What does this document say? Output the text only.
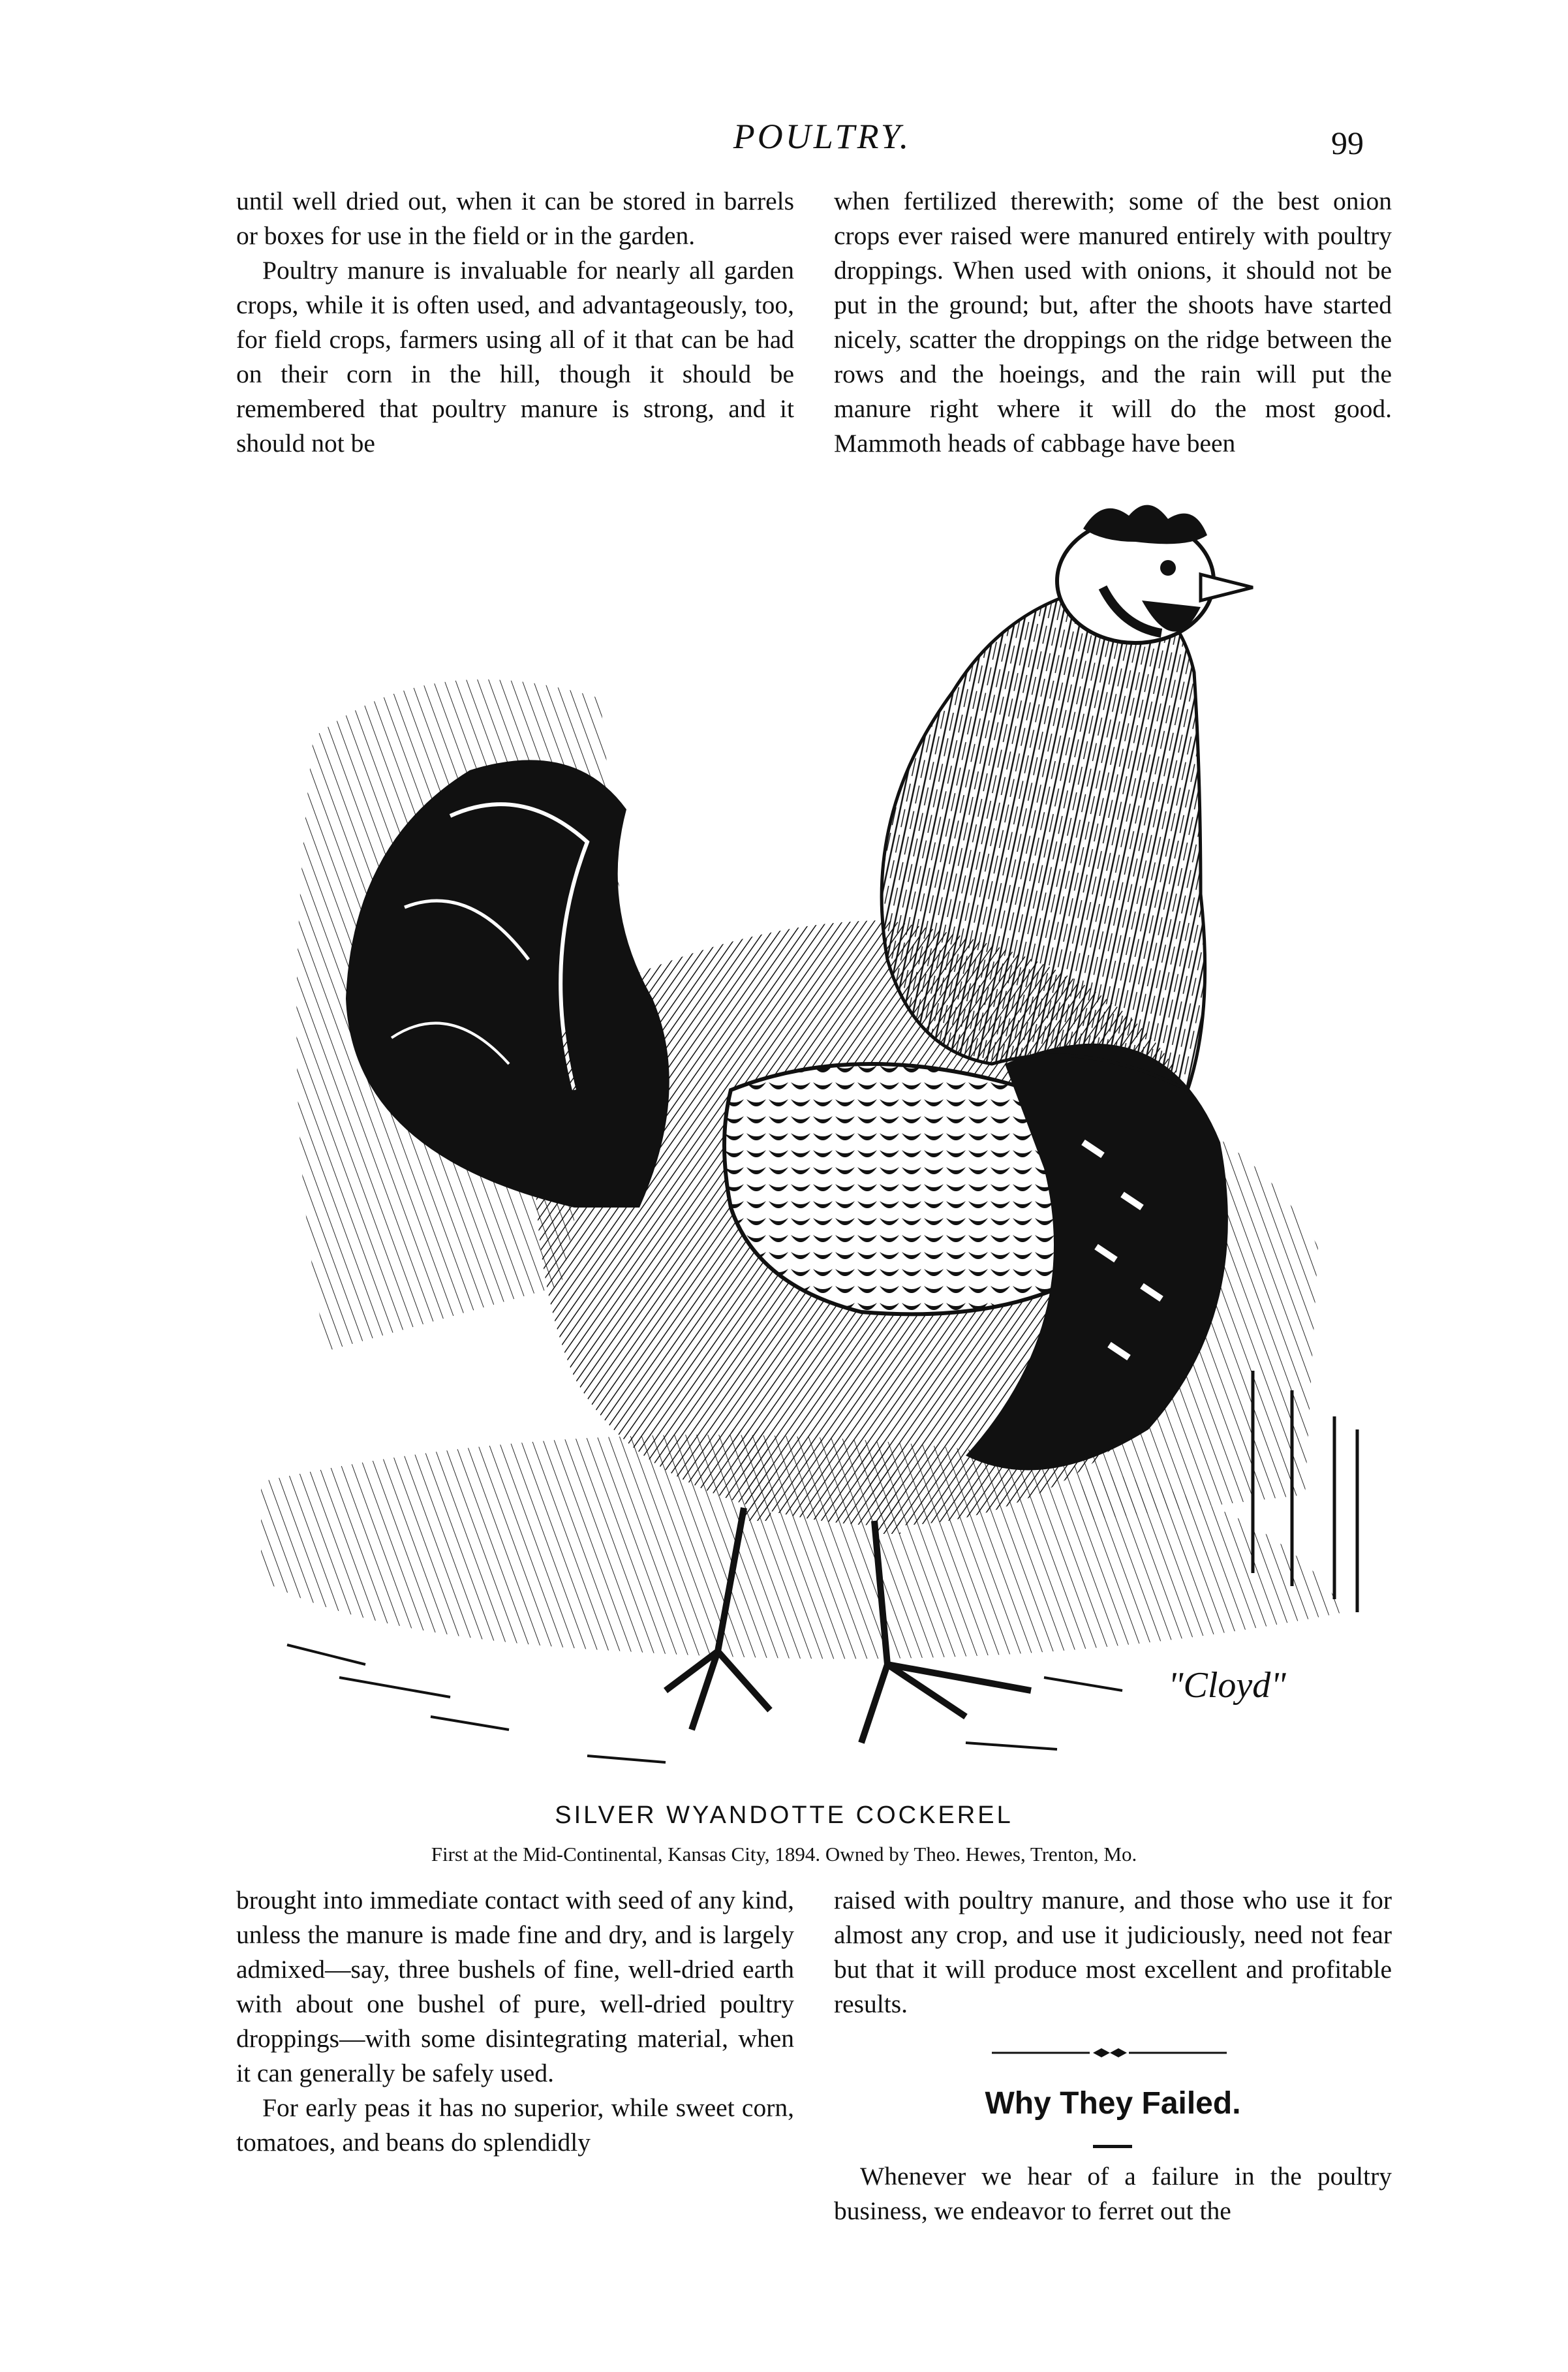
POULTRY.	99

until well dried out, when it can be stored in barrels or boxes for use in the field or in the garden.

Poultry manure is invaluable for nearly all garden crops, while it is often used, and advantageously, too, for field crops, farmers using all of it that can be had on their corn in the hill, though it should be remembered that poultry manure is strong, and it should not be

when fertilized therewith; some of the best onion crops ever raised were manured entirely with poultry droppings. When used with onions, it should not be put in the ground; but, after the shoots have started nicely, scatter the droppings on the ridge between the rows and the hoeings, and the rain will put the manure right where it will do the most good. Mammoth heads of cabbage have been

"Cloyd"
SILVER WYANDOTTE COCKEREL
First at the Mid-Continental, Kansas City, 1894. Owned by Theo. Hewes, Trenton, Mo.

brought into immediate contact with seed of any kind, unless the manure is made fine and dry, and is largely admixed—say, three bushels of fine, well-dried earth with about one bushel of pure, well-dried poultry droppings—with some disintegrating material, when it can generally be safely used.

For early peas it has no superior, while sweet corn, tomatoes, and beans do splendidly

raised with poultry manure, and those who use it for almost any crop, and use it judiciously, need not fear but that it will produce most excellent and profitable results.

Why They Failed.

Whenever we hear of a failure in the poultry business, we endeavor to ferret out the
